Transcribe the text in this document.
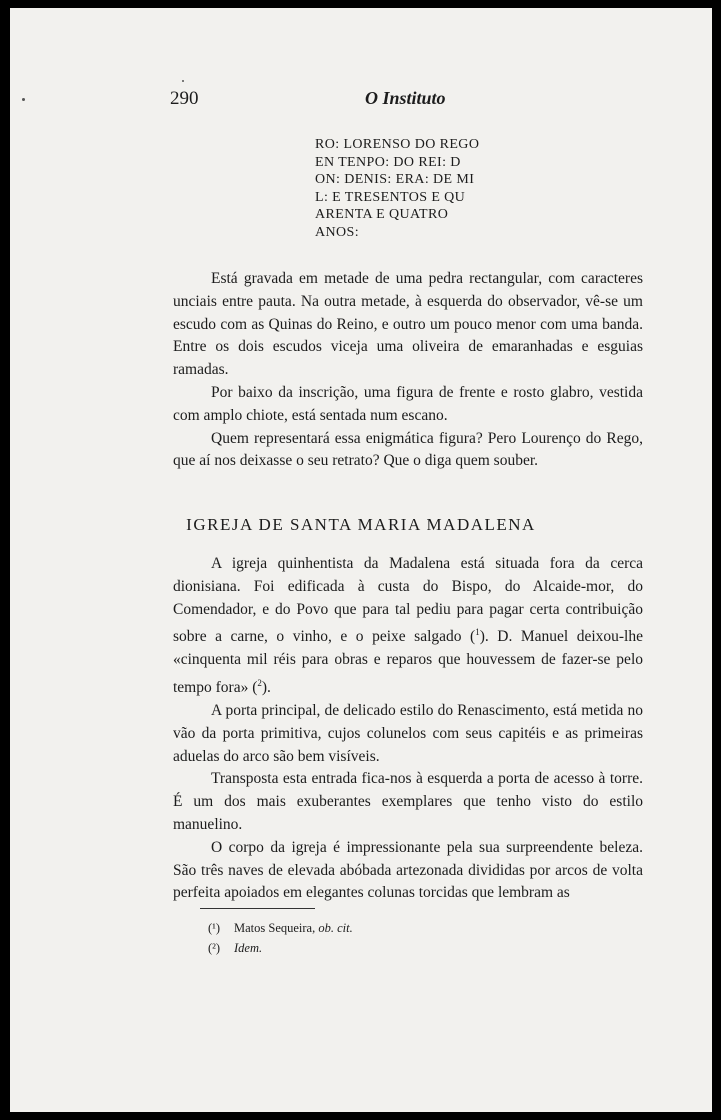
290	O Instituto
RO: LORENSO DO REGO
EN TENPO: DO REI: D
ON: DENIS: ERA: DE MI
L: E TRESENTOS E QU
ARENTA E QUATRO
ANOS:

Está gravada em metade de uma pedra rectangular, com caracteres unciais entre pauta. Na outra metade, à esquerda do observador, vê-se um escudo com as Quinas do Reino, e outro um pouco menor com uma banda. Entre os dois escudos viceja uma oliveira de emaranhadas e esguias ramadas.

Por baixo da inscrição, uma figura de frente e rosto glabro, vestida com amplo chiote, está sentada num escano.

Quem representará essa enigmática figura? Pero Lourenço do Rego, que aí nos deixasse o seu retrato? Que o diga quem souber.

IGREJA DE SANTA MARIA MADALENA

A igreja quinhentista da Madalena está situada fora da cerca dionisiana. Foi edificada à custa do Bispo, do Alcaide-mor, do Comendador, e do Povo que para tal pediu para pagar certa contribuição sobre a carne, o vinho, e o peixe salgado ($^1$). D. Manuel deixou-lhe «cinquenta mil réis para obras e reparos que houvessem de fazer-se pelo tempo fora» ($^2$).

A porta principal, de delicado estilo do Renascimento, está metida no vão da porta primitiva, cujos colunelos com seus capitéis e as primeiras aduelas do arco são bem visíveis.

Transposta esta entrada fica-nos à esquerda a porta de acesso à torre. É um dos mais exuberantes exemplares que tenho visto do estilo manuelino.

O corpo da igreja é impressionante pela sua surpreendente beleza. São três naves de elevada abóbada artezonada divididas por arcos de volta perfeita apoiados em elegantes colunas torcidas que lembram as

(¹) Matos Sequeira, ob. cit.
(²) Idem.
